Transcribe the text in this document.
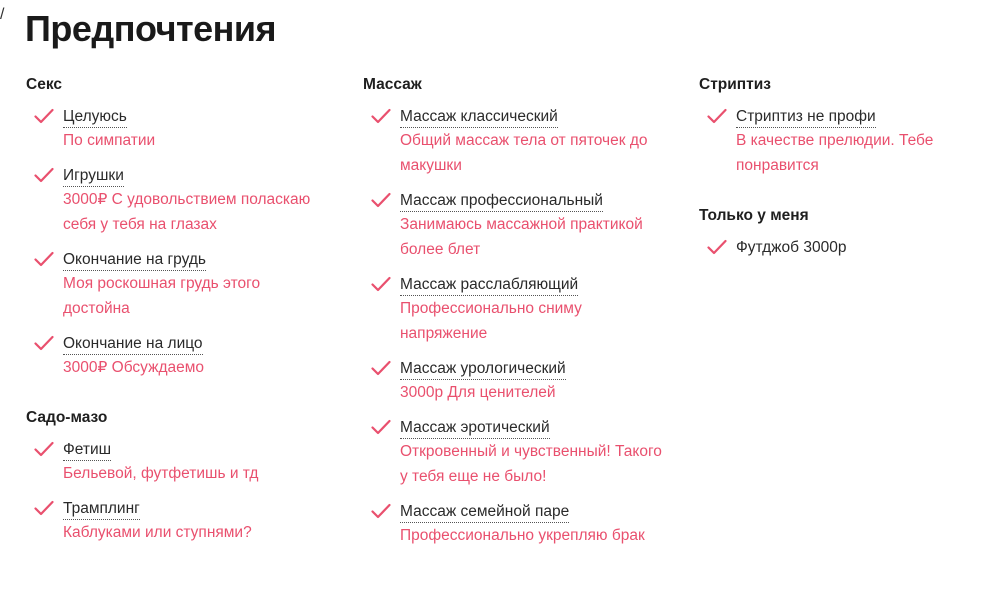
/ Предпочтения
Секс
Целуюсь
По симпатии
Игрушки
3000₽ С удовольствием полаcкаю себя у тебя на глазах
Окончание на грудь
Моя роскошная грудь этого достойна
Окончание на лицо
3000₽ Обсуждаемо
Садо-мазо
Фетиш
Бельевой, футфетишь и тд
Трамплинг
Каблуками или ступнями?
Массаж
Массаж классический
Общий массаж тела от пяточек до макушки
Массаж профессиональный
Занимаюсь массажной практикой более блет
Массаж расслабляющий
Профессионально сниму напряжение
Массаж урологический
3000р Для ценителей
Массаж эротический
Откровенный и чувственный! Такого у тебя еще не было!
Массаж семейной паре
Профессионально укрепляю брак
Стриптиз
Стриптиз не профи
В качестве прелюдии. Тебе понравится
Только у меня
Футджоб 3000р
